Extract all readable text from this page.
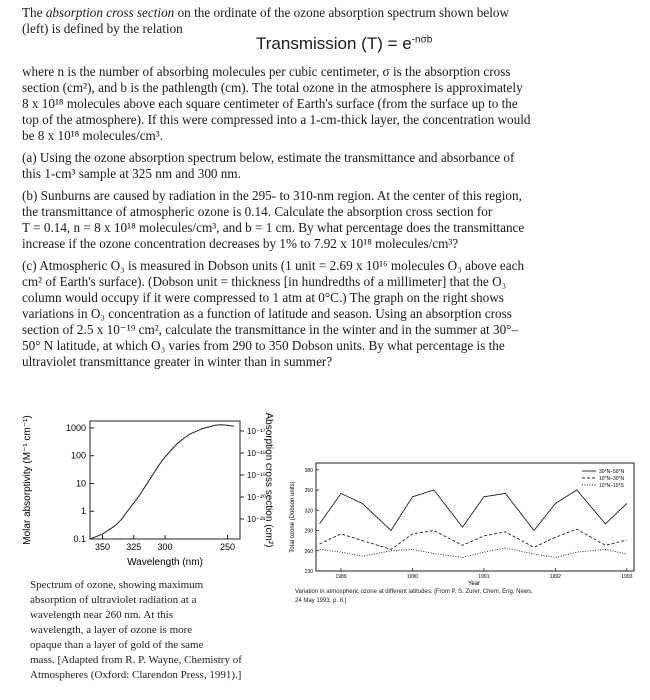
The absorption cross section on the ordinate of the ozone absorption spectrum shown below
(left) is defined by the relation
Transmission $(T) = e^{-n\sigma b}$
where n is the number of absorbing molecules per cubic centimeter, σ is the absorption cross
section (cm²), and b is the pathlength (cm). The total ozone in the atmosphere is approximately
8 x 10¹⁸ molecules above each square centimeter of Earth's surface (from the surface up to the
top of the atmosphere). If this were compressed into a 1-cm-thick layer, the concentration would
be 8 x 10¹⁸ molecules/cm³.
(a) Using the ozone absorption spectrum below, estimate the transmittance and absorbance of
this 1-cm³ sample at 325 nm and 300 nm.
(b) Sunburns are caused by radiation in the 295- to 310-nm region. At the center of this region,
the transmittance of atmospheric ozone is 0.14. Calculate the absorption cross section for
T = 0.14, n = 8 x 10¹⁸ molecules/cm³, and b = 1 cm. By what percentage does the transmittance
increase if the ozone concentration decreases by 1% to 7.92 x 10¹⁸ molecules/cm³?
(c) Atmospheric O₃ is measured in Dobson units (1 unit = 2.69 x 10¹⁶ molecules O₃ above each
cm² of Earth's surface). (Dobson unit = thickness [in hundredths of a millimeter] that the O₃
column would occupy if it were compressed to 1 atm at 0°C.) The graph on the right shows
variations in O₃ concentration as a function of latitude and season. Using an absorption cross
section of 2.5 x 10⁻¹⁹ cm², calculate the transmittance in the winter and in the summer at 30°–
50° N latitude, at which O₃ varies from 290 to 350 Dobson units. By what percentage is the
ultraviolet transmittance greater in winter than in summer?
350 325 300	250
1000
100
10
1
0.1
10⁻¹⁷
10⁻¹⁸
10⁻¹⁹
10⁻²⁰
10⁻²¹
Molar absorptivity (M⁻¹ cm⁻¹)	Absorption cross section (cm²)
Wavelength (nm)
Spectrum of ozone, showing maximum
absorption of ultraviolet radiation at a
wavelength near 260 nm. At this
wavelength, a layer of ozone is more
opaque than a layer of gold of the same
mass. [Adapted from R. P. Wayne, Chemistry of
Atmospheres (Oxford: Clarendon Press, 1991).]
380
350
320
290
260
230
1989	1990	1991	1992	1993
30°N–50°N
10°N–30°N
10°N–10°S
Total ozone (Dobson units)
Year
Variation in atmospheric ozone at different latitudes. [From P. S. Zurer, Chem. Eng. News,
24 May 1993, p. 8.]
